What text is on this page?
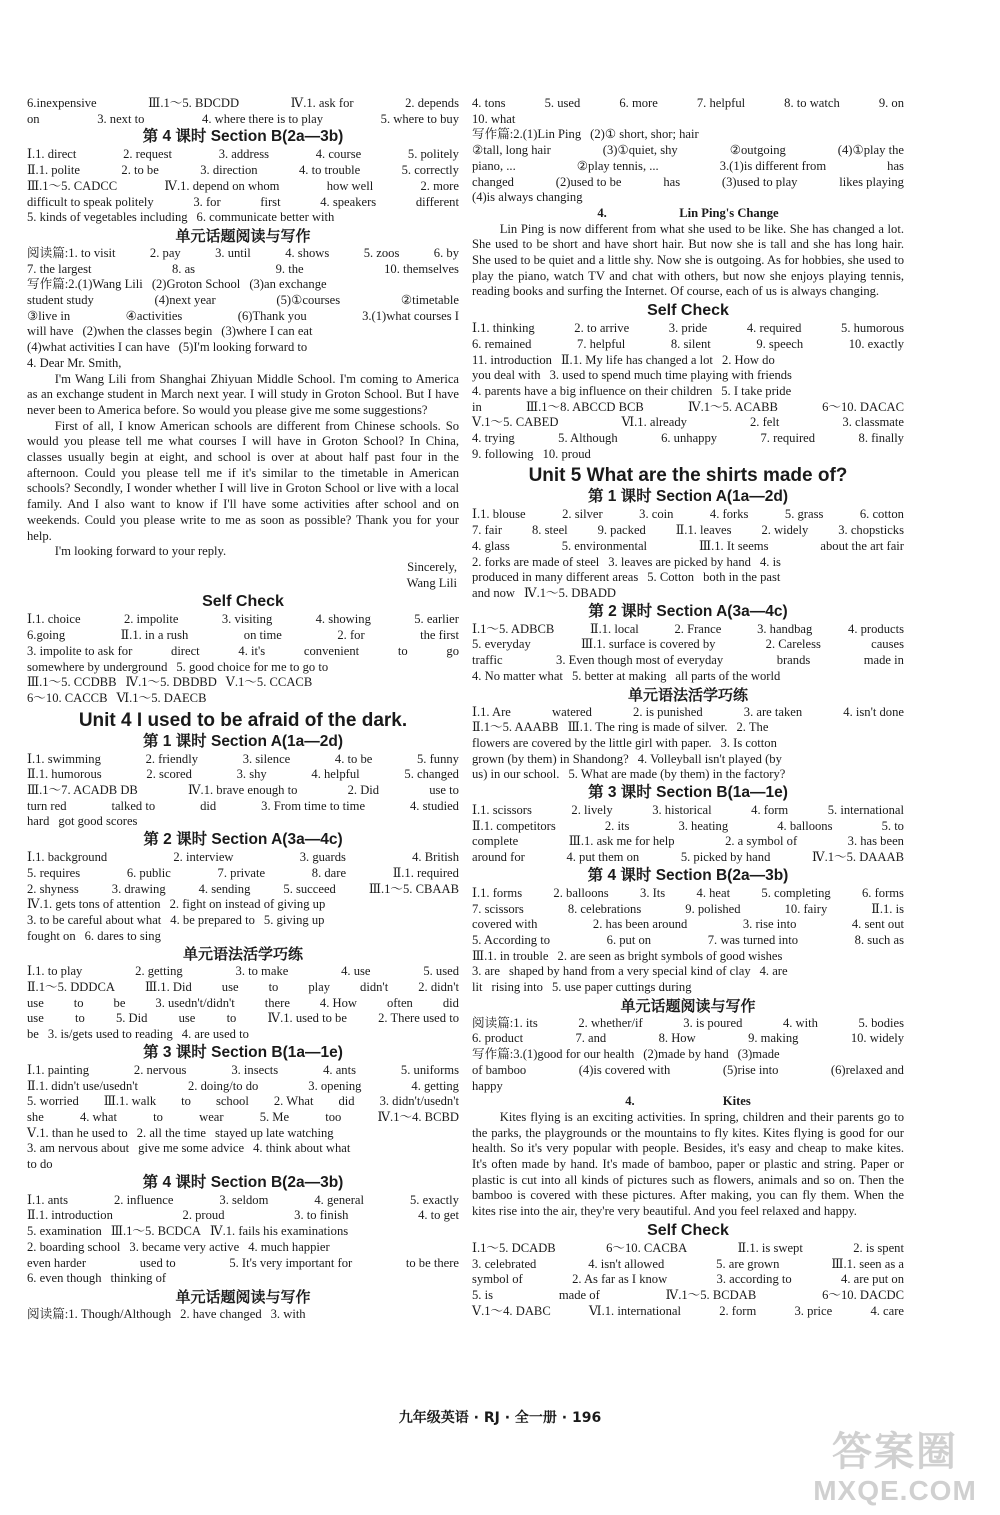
6.inexpensive	Ⅲ.1～5. BDCDD	Ⅳ.1. ask for	2. depends
on	3. next to	4. where there is to play	5. where to buy
第 4 课时 Section B(2a—3b)
Ⅰ.1. direct	2. request	3. address	4. course	5. politely
Ⅱ.1. polite	2. to be	3. direction	4. to trouble	5. correctly
Ⅲ.1～5. CADCC	Ⅳ.1. depend on whom	how well	2. more
difficult to speak politely	3. for	first	4. speakers	different
5. kinds of vegetables including 6. communicate better with
单元话题阅读与写作
阅读篇:1. to visit	2. pay	3. until	4. shows	5. zoos	6. by
7. the largest	8. as	9. the	10. themselves
写作篇:2.(1)Wang Lili (2)Groton School (3)an exchange
student study	(4)next year	(5)①courses	②timetable
③live in	④activities	(6)Thank you	3.(1)what courses I
will have (2)when the classes begin (3)where I can eat
(4)what activities I can have (5)I'm looking forward to
4. Dear Mr. Smith,
I'm Wang Lili from Shanghai Zhiyuan Middle School. I'm coming to America as an exchange student in March next year. I will study in Groton School. But I have never been to America before. So would you please give me some suggestions?
First of all, I know American schools are different from Chinese schools. So would you please tell me what courses I will have in Groton School? In China, classes usually begin at eight, and school is over at about half past four in the afternoon. Could you please tell me if it's similar to the timetable in American schools? Secondly, I wonder whether I will live in Groton School or live with a local family. And I also want to know if I'll have some activities after school and on weekends. Could you please write to me as soon as possible? Thank you for your help.
I'm looking forward to your reply.
Sincerely,
Wang Lili
Self Check
Ⅰ.1. choice	2. impolite	3. visiting	4. showing	5. earlier
6.going	Ⅱ.1. in a rush	on time	2. for	the first
3. impolite to ask for	direct	4. it's	convenient	to	go
somewhere by underground 5. good choice for me to go to
Ⅲ.1～5. CCDBB Ⅳ.1～5. DBDBD Ⅴ.1～5. CCACB
6～10. CACCB Ⅵ.1～5. DAECB
Unit 4 I used to be afraid of the dark.
第 1 课时 Section A(1a—2d)
Ⅰ.1. swimming	2. friendly	3. silence	4. to be	5. funny
Ⅱ.1. humorous	2. scored	3. shy	4. helpful	5. changed
Ⅲ.1～7. ACADB DB	Ⅳ.1. brave enough to	2. Did	use to
turn red	talked to	did	3. From time to time	4. studied
hard got good scores
第 2 课时 Section A(3a—4c)
Ⅰ.1. background	2. interview	3. guards	4. British
5. requires	6. public	7. private	8. dare	Ⅱ.1. required
2. shyness	3. drawing	4. sending	5. succeed	Ⅲ.1～5. CBAAB
Ⅳ.1. gets tons of attention 2. fight on instead of giving up
3. to be careful about what 4. be prepared to 5. giving up
fought on 6. dares to sing
单元语法活学巧练
Ⅰ.1. to play	2. getting	3. to make	4. use	5. used
Ⅱ.1～5. DDDCA Ⅲ.1. Did use to play didn't 2. didn't
use to be 3. usedn't/didn't there 4. How often did
use to 5. Did use to Ⅳ.1. used to be 2. There used to
be 3. is/gets used to reading 4. are used to
第 3 课时 Section B(1a—1e)
Ⅰ.1. painting	2. nervous	3. insects	4. ants	5. uniforms
Ⅱ.1. didn't use/usedn't	2. doing/to do	3. opening	4. getting
5. worried Ⅲ.1. walk to school 2. What did 3. didn't/usedn't
she	4. what	to	wear	5. Me	too	Ⅳ.1～4. BCBD
Ⅴ.1. than he used to 2. all the time stayed up late watching
3. am nervous about give me some advice 4. think about what
to do
第 4 课时 Section B(2a—3b)
Ⅰ.1. ants	2. influence	3. seldom	4. general	5. exactly
Ⅱ.1. introduction	2. proud	3. to finish	4. to get
5. examination Ⅲ.1～5. BCDCA Ⅳ.1. fails his examinations
2. boarding school 3. became very active 4. much happier
even harder	used to	5. It's very important for	to be there
6. even though thinking of
单元话题阅读与写作
阅读篇:1. Though/Although 2. have changed 3. with
4. tons	5. used	6. more	7. helpful	8. to watch	9. on
10. what
写作篇:2.(1)Lin Ping (2)① short, shor; hair
②tall, long hair	(3)①quiet, shy	②outgoing	(4)①play the
piano, ...	②play tennis, ...	3.(1)is different from	has
changed	(2)used to be	has	(3)used to play	likes playing
(4)is always changing
4.                       Lin Ping's Change
Lin Ping is now different from what she used to be like. She has changed a lot. She used to be short and have short hair. But now she is tall and she has long hair. She used to be quiet and a little shy. Now she is outgoing. As for hobbies, she used to play the piano, watch TV and chat with others, but now she enjoys playing tennis, reading books and surfing the Internet. Of course, each of us is always changing.
Self Check
Ⅰ.1. thinking	2. to arrive	3. pride	4. required	5. humorous
6. remained	7. helpful	8. silent	9. speech	10. exactly
11. introduction Ⅱ.1. My life has changed a lot 2. How do
you deal with 3. used to spend much time playing with friends
4. parents have a big influence on their children 5. I take pride
in	Ⅲ.1～8. ABCCD BCB	Ⅳ.1～5. ACABB	6～10. DACAC
Ⅴ.1～5. CABED	Ⅵ.1. already	2. felt	3. classmate
4. trying	5. Although	6. unhappy	7. required	8. finally
9. following 10. proud
Unit 5 What are the shirts made of?
第 1 课时 Section A(1a—2d)
Ⅰ.1. blouse	2. silver	3. coin	4. forks	5. grass	6. cotton
7. fair 8. steel 9. packed Ⅱ.1. leaves 2. widely 3. chopsticks
4. glass	5. environmental	Ⅲ.1. It seems	about the art fair
2. forks are made of steel 3. leaves are picked by hand 4. is
produced in many different areas 5. Cotton both in the past
and now Ⅳ.1～5. DBADD
第 2 课时 Section A(3a—4c)
Ⅰ.1～5. ADBCB	Ⅱ.1. local	2. France	3. handbag	4. products
5. everyday	Ⅲ.1. surface is covered by	2. Careless	causes
traffic	3. Even though most of everyday	brands	made in
4. No matter what 5. better at making all parts of the world
单元语法活学巧练
Ⅰ.1. Are	watered	2. is punished	3. are taken	4. isn't done
Ⅱ.1～5. AAABB Ⅲ.1. The ring is made of silver. 2. The
flowers are covered by the little girl with paper. 3. Is cotton
grown (by them) in Shandong? 4. Volleyball isn't played (by
us) in our school. 5. What are made (by them) in the factory?
第 3 课时 Section B(1a—1e)
Ⅰ.1. scissors	2. lively	3. historical	4. form	5. international
Ⅱ.1. competitors	2. its	3. heating	4. balloons	5. to
complete	Ⅲ.1. ask me for help	2. a symbol of	3. has been
around for	4. put them on	5. picked by hand	Ⅳ.1～5. DAAAB
第 4 课时 Section B(2a—3b)
Ⅰ.1. forms 2. balloons 3. Its 4. heat 5. completing 6. forms
7. scissors	8. celebrations	9. polished	10. fairy	Ⅱ.1. is
covered with	2. has been around	3. rise into	4. sent out
5. According to	6. put on	7. was turned into	8. such as
Ⅲ.1. in trouble 2. are seen as bright symbols of good wishes
3. are shaped by hand from a very special kind of clay 4. are
lit rising into 5. use paper cuttings during
单元话题阅读与写作
阅读篇:1. its	2. whether/if	3. is poured	4. with	5. bodies
6. product	7. and	8. How	9. making	10. widely
写作篇:3.(1)good for our health (2)made by hand (3)made
of bamboo	(4)is covered with	(5)rise into	(6)relaxed and
happy
4.                            Kites
Kites flying is an exciting activities. In spring, children and their parents go to the parks, the playgrounds or the mountains to fly kites. Kites flying is good for our health. So it's very popular with people. Besides, it's easy and cheap to make kites. It's often made by hand. It's made of bamboo, paper or plastic and string. Paper or plastic is cut into all kinds of pictures such as flowers, animals and so on. Then the bamboo is covered with these pictures. After making, you can fly them. When the kites rise into the air, they're very beautiful. And you feel relaxed and happy.
Self Check
Ⅰ.1～5. DCADB	6～10. CACBA	Ⅱ.1. is swept	2. is spent
3. celebrated	4. isn't allowed	5. are grown	Ⅲ.1. seen as a
symbol of	2. As far as I know	3. according to	4. are put on
5. is	made of	Ⅳ.1～5. BCDAB	6～10. DACDC
Ⅴ.1～4. DABC	Ⅵ.1. international	2. form	3. price	4. care
九年级英语 · RJ · 全一册 · 196
答案圈
MXQE.COM
